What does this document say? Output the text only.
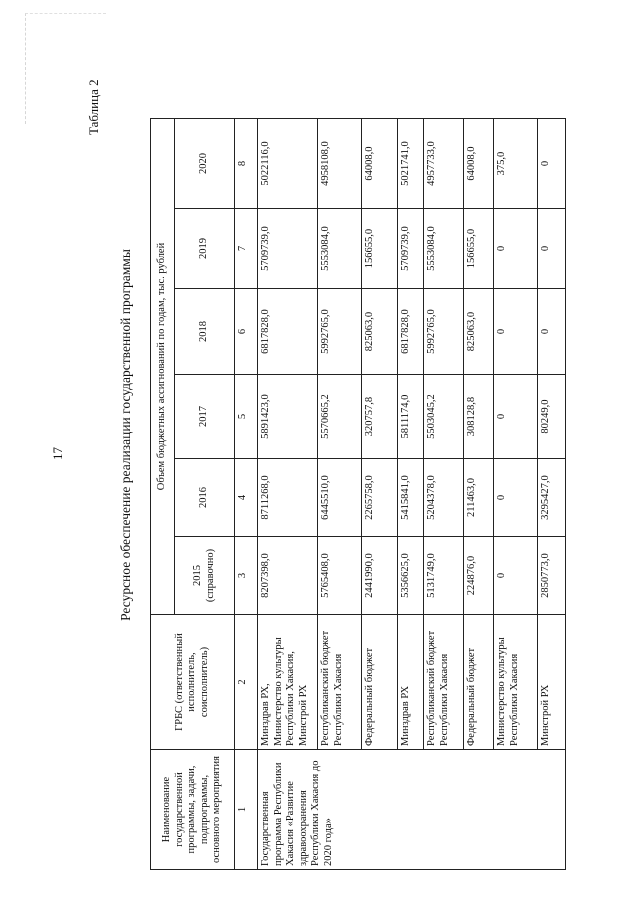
17
Таблица 2
Ресурсное обеспечение реализации государственной программы
Наименование государственной программы, задачи, подпрограммы, основного мероприятия	ГРБС (ответственный исполнитель, соисполнитель)	Объем бюджетных ассигнований по годам, тыс. рублей					
		2015 (справочно)	2016	2017	2018	2019	2020
1	2	3	4	5	6	7	8
Государственная программа Республики Хакасия «Развитие здравоохранения Республики Хакасия до 2020 года»	Минздрав РХ, Министерство культуры Республики Хакасия, Минстрой РХ	8207398,0	8711268,0	5891423,0	6817828,0	5709739,0	5022116,0
	Республиканский бюджет Республики Хакасия	5765408,0	6445510,0	5570665,2	5992765,0	5553084,0	4958108,0
	Федеральный бюджет	2441990,0	2265758,0	320757,8	825063,0	156655,0	64008,0
	Минздрав РХ	5356625,0	5415841,0	5811174,0	6817828,0	5709739,0	5021741,0
	Республиканский бюджет Республики Хакасия	5131749,0	5204378,0	5503045,2	5992765,0	5553084,0	4957733,0
	Федеральный бюджет	224876,0	211463,0	308128,8	825063,0	156655,0	64008,0
	Министерство культуры Республики Хакасия	0	0	0	0	0	375,0
	Минстрой РХ	2850773,0	3295427,0	80249,0	0	0	0
